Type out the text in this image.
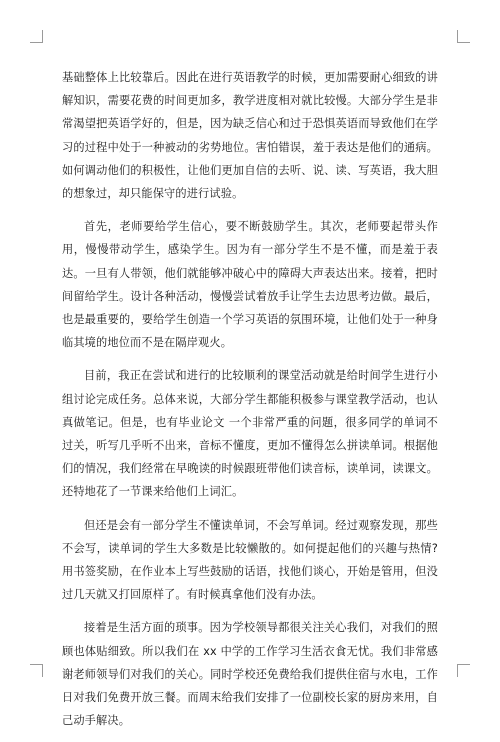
基础整体上比较靠后。因此在进行英语教学的时候，更加需要耐心细致的讲解知识，需要花费的时间更加多，教学进度相对就比较慢。大部分学生是非常渴望把英语学好的，但是，因为缺乏信心和过于恐惧英语而导致他们在学习的过程中处于一种被动的劣势地位。害怕错误，羞于表达是他们的通病。如何调动他们的积极性，让他们更加自信的去听、说、读、写英语，我大胆的想象过，却只能保守的进行试验。

首先，老师要给学生信心，要不断鼓励学生。其次，老师要起带头作用，慢慢带动学生，感染学生。因为有一部分学生不是不懂，而是羞于表达。一旦有人带领，他们就能够冲破心中的障碍大声表达出来。接着，把时间留给学生。设计各种活动，慢慢尝试着放手让学生去边思考边做。最后，也是最重要的，要给学生创造一个学习英语的氛围环境，让他们处于一种身临其境的地位而不是在隔岸观火。

目前，我正在尝试和进行的比较顺利的课堂活动就是给时间学生进行小组讨论完成任务。总体来说，大部分学生都能积极参与课堂教学活动，也认真做笔记。但是，也有毕业论文 一个非常严重的问题，很多同学的单词不过关，听写几乎听不出来，音标不懂度，更加不懂得怎么拼读单词。根据他们的情况，我们经常在早晚读的时候跟班带他们读音标，读单词，读课文。还特地花了一节课来给他们上词汇。

但还是会有一部分学生不懂读单词，不会写单词。经过观察发现，那些不会写，读单词的学生大多数是比较懒散的。如何提起他们的兴趣与热情?用书签奖励，在作业本上写些鼓励的话语，找他们谈心，开始是管用，但没过几天就又打回原样了。有时候真拿他们没有办法。

接着是生活方面的琐事。因为学校领导都很关注关心我们，对我们的照顾也体贴细致。所以我们在 xx 中学的工作学习生活衣食无忧。我们非常感谢老师领导们对我们的关心。同时学校还免费给我们提供住宿与水电，工作日对我们免费开放三餐。而周末给我们安排了一位副校长家的厨房来用，自己动手解决。
